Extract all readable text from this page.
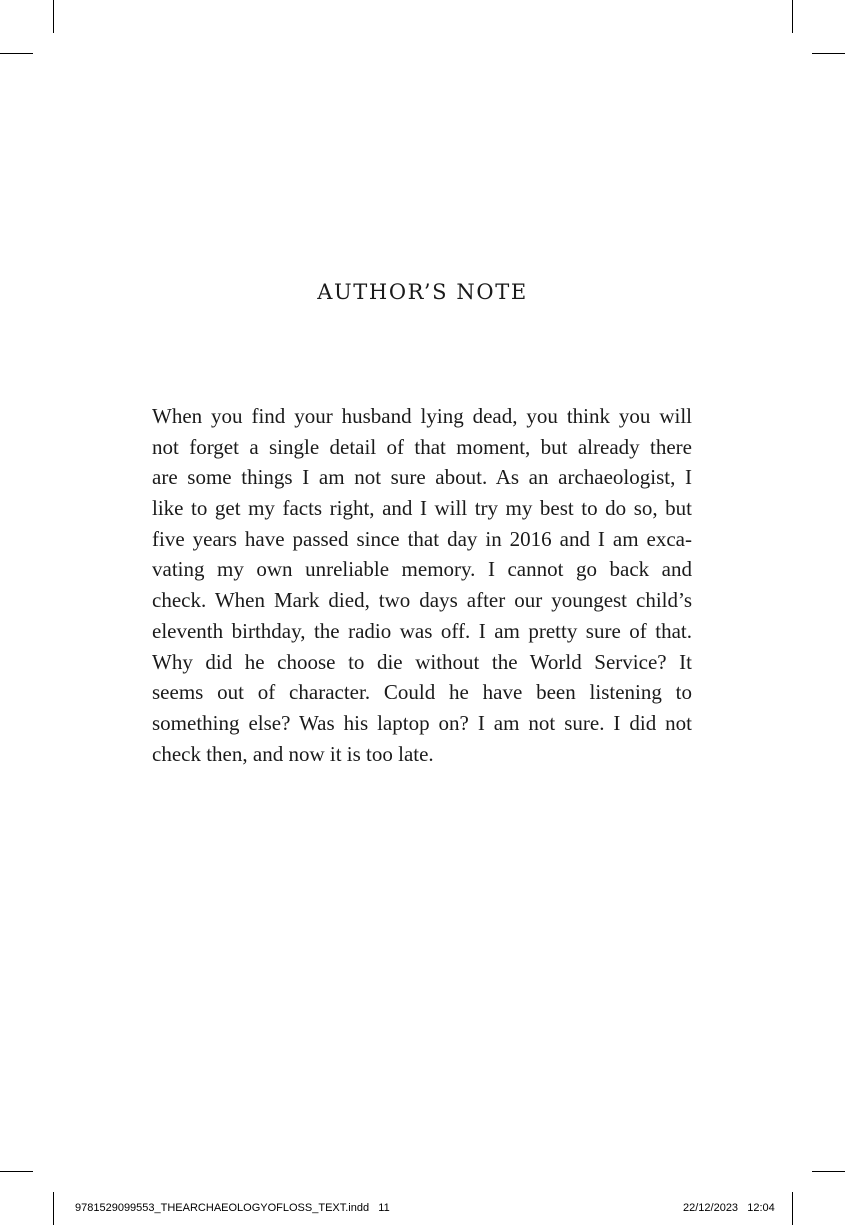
AUTHOR’S NOTE
When you find your husband lying dead, you think you will
not forget a single detail of that moment, but already there
are some things I am not sure about. As an archaeologist, I
like to get my facts right, and I will try my best to do so, but
five years have passed since that day in 2016 and I am exca-
vating my own unreliable memory. I cannot go back and
check. When Mark died, two days after our youngest child’s
eleventh birthday, the radio was off. I am pretty sure of that.
Why did he choose to die without the World Service? It
seems out of character. Could he have been listening to
something else? Was his laptop on? I am not sure. I did not
check then, and now it is too late.
9781529099553_THEARCHAEOLOGYOFLOSS_TEXT.indd   11	22/12/2023   12:04
